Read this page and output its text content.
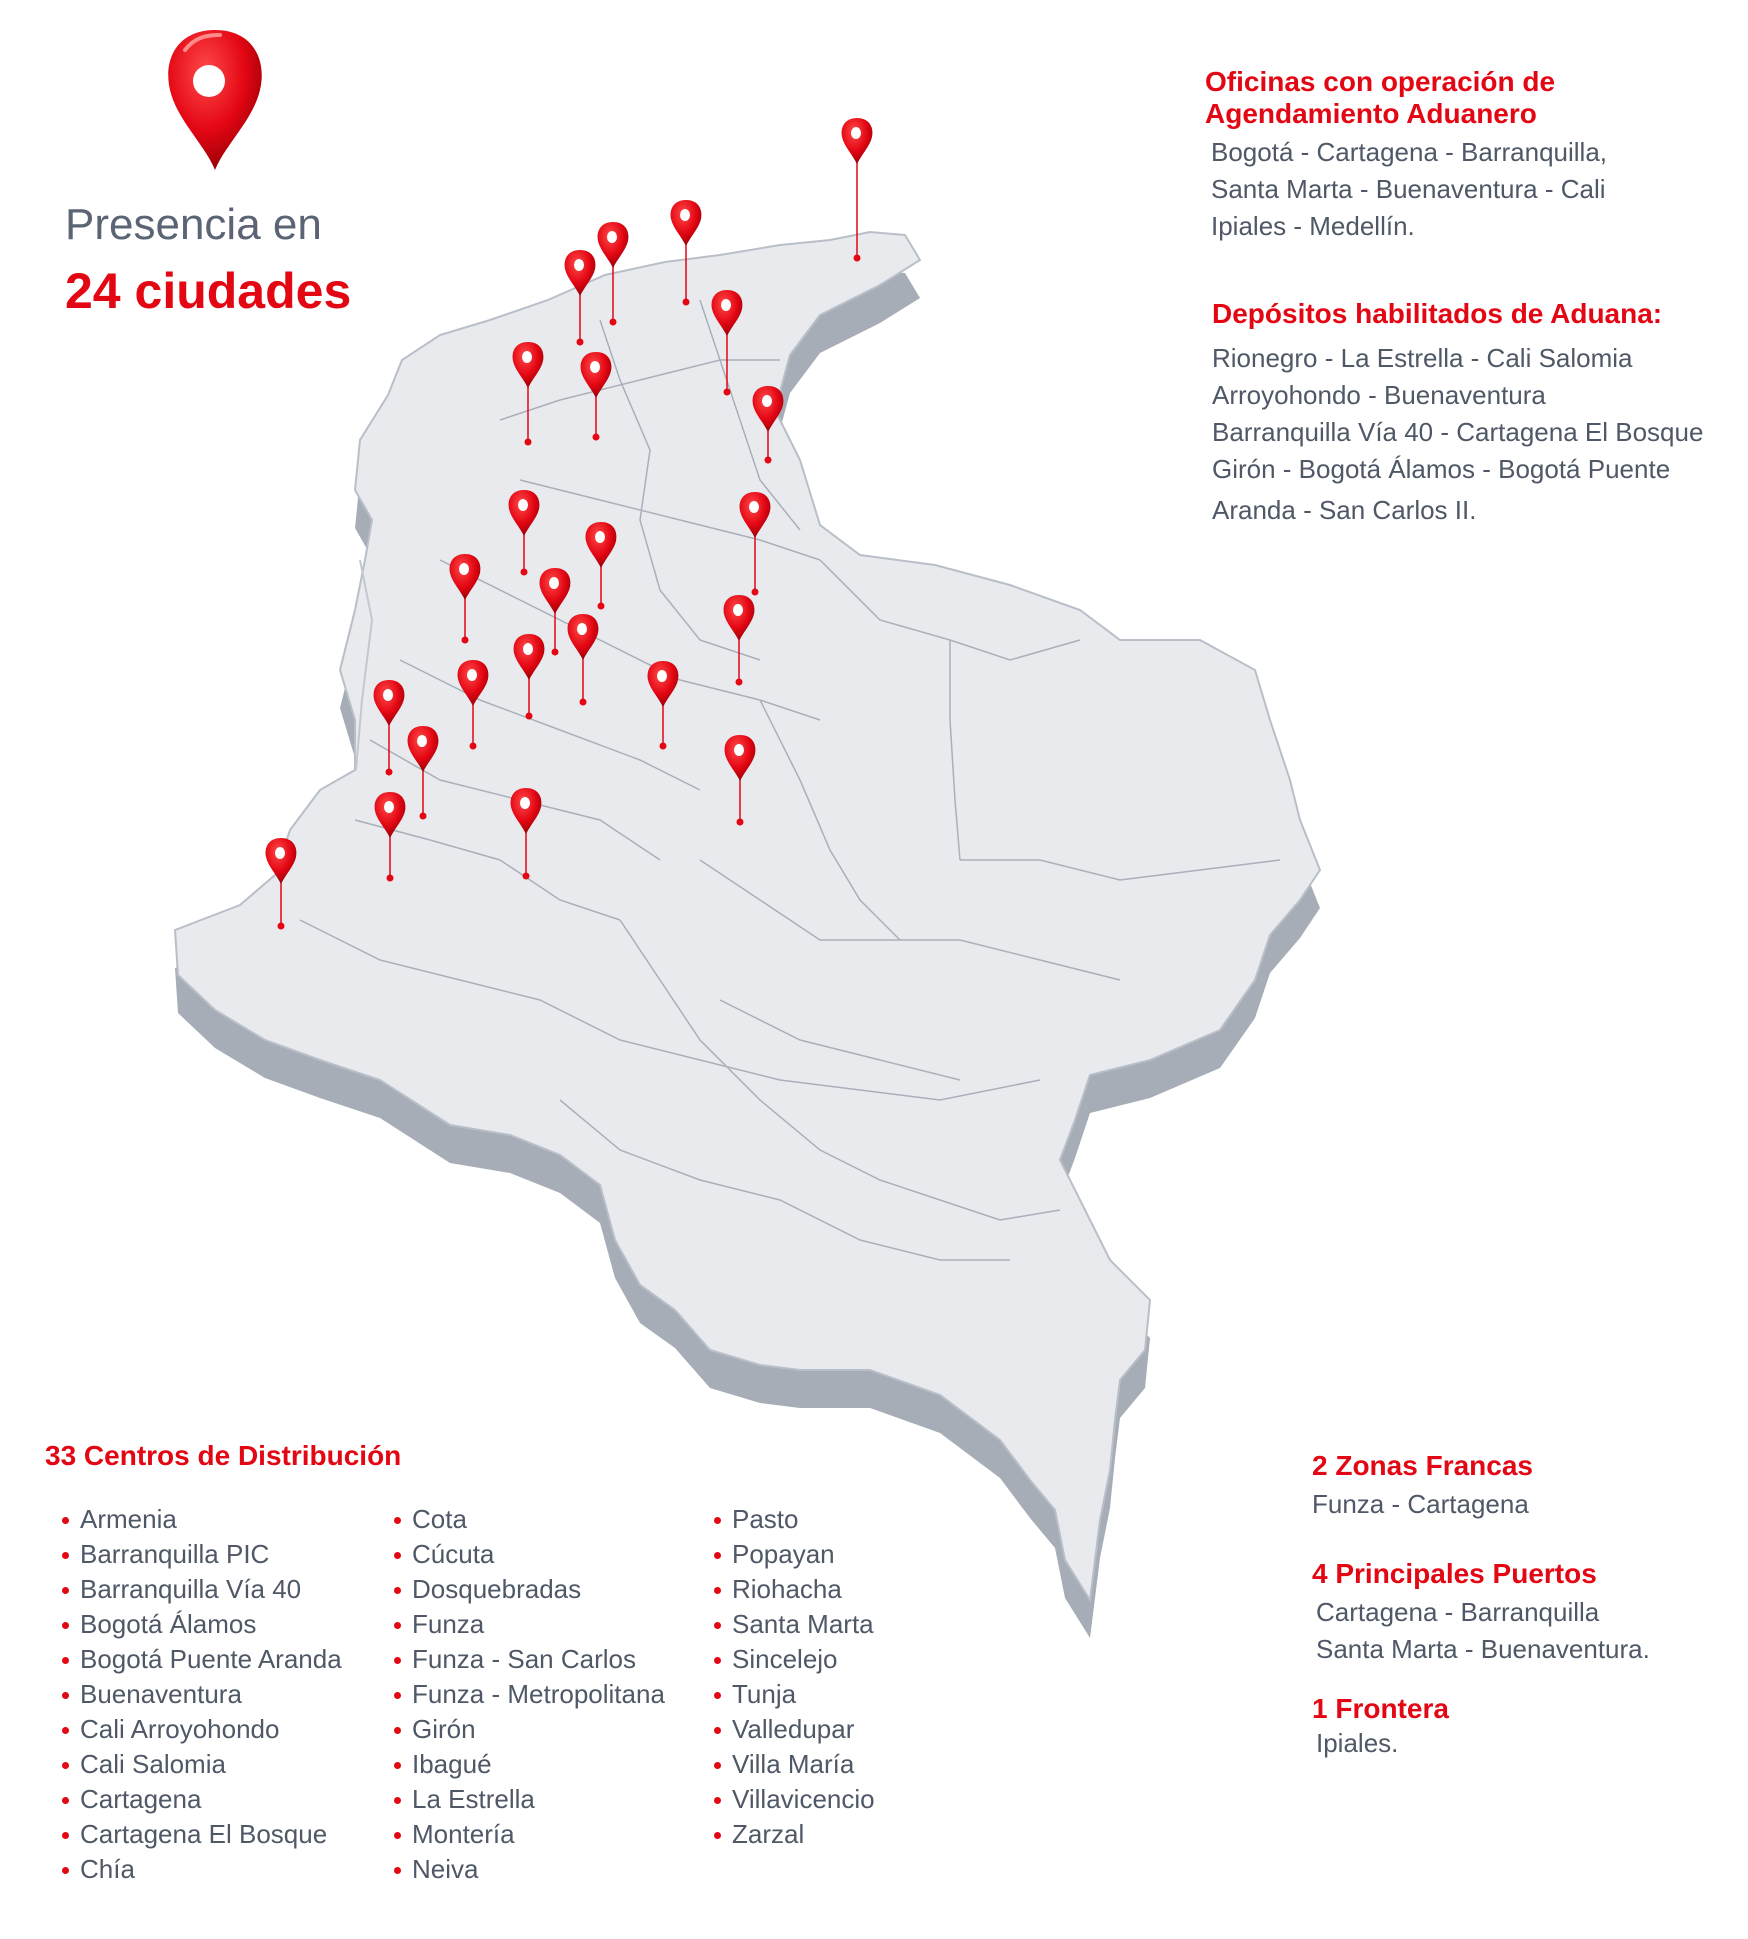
Presencia en
24 ciudades
Oficinas con operación de
Agendamiento Aduanero
Bogotá - Cartagena - Barranquilla,
Santa Marta - Buenaventura - Cali
Ipiales - Medellín.
Depósitos habilitados de Aduana:
Rionegro - La Estrella - Cali Salomia
Arroyohondo - Buenaventura
Barranquilla Vía 40 - Cartagena El Bosque
Girón - Bogotá Álamos - Bogotá Puente
Aranda - San Carlos II.
33 Centros de Distribución
Armenia
Barranquilla PIC
Barranquilla Vía 40
Bogotá Álamos
Bogotá Puente Aranda
Buenaventura
Cali Arroyohondo
Cali Salomia
Cartagena
Cartagena El Bosque
Chía
Cota
Cúcuta
Dosquebradas
Funza
Funza - San Carlos
Funza - Metropolitana
Girón
Ibagué
La Estrella
Montería
Neiva
Pasto
Popayan
Riohacha
Santa Marta
Sincelejo
Tunja
Valledupar
Villa María
Villavicencio
Zarzal
2 Zonas Francas
Funza - Cartagena
4 Principales Puertos
Cartagena - Barranquilla
Santa Marta - Buenaventura.
1 Frontera
Ipiales.
